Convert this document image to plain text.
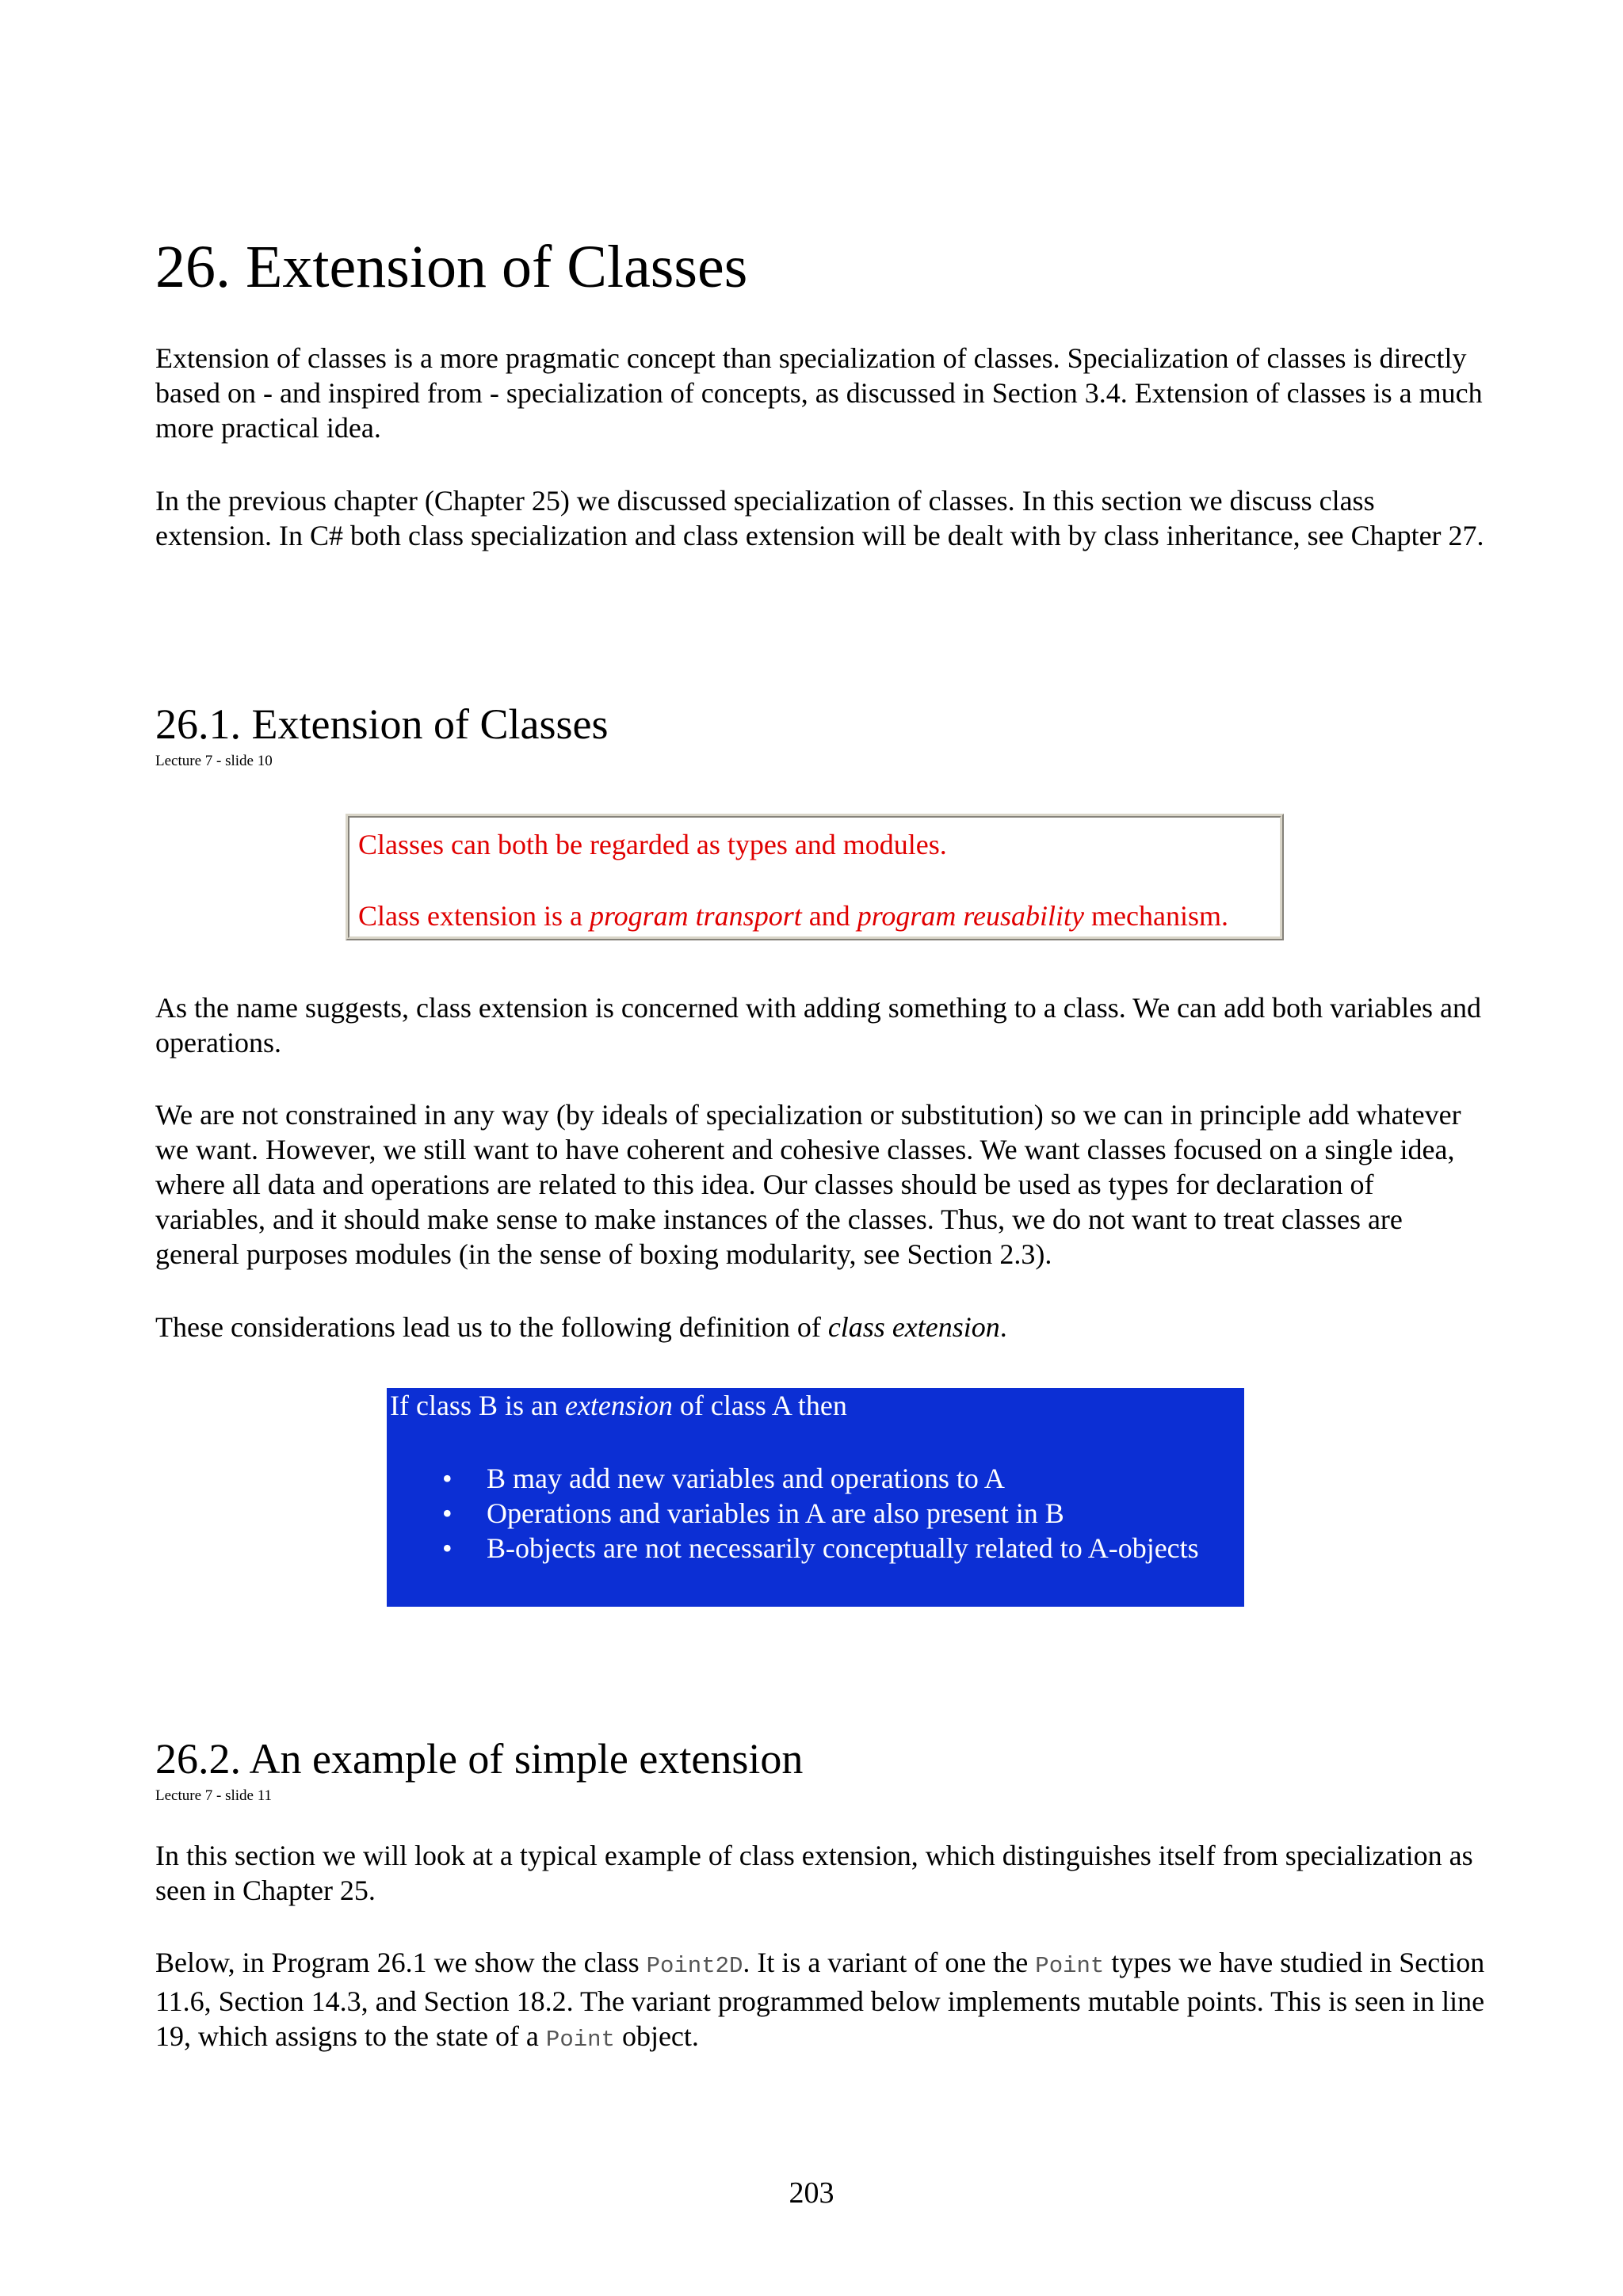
26. Extension of Classes

Extension of classes is a more pragmatic concept than specialization of classes. Specialization of classes is directly based on - and inspired from - specialization of concepts, as discussed in Section 3.4. Extension of classes is a much more practical idea.

In the previous chapter (Chapter 25) we discussed specialization of classes. In this section we discuss class extension. In C# both class specialization and class extension will be dealt with by class inheritance, see Chapter 27.

26.1. Extension of Classes

Lecture 7 - slide 10

Classes can both be regarded as types and modules.

Class extension is a program transport and program reusability mechanism.

As the name suggests, class extension is concerned with adding something to a class. We can add both variables and operations.

We are not constrained in any way (by ideals of specialization or substitution) so we can in principle add whatever we want. However, we still want to have coherent and cohesive classes. We want classes focused on a single idea, where all data and operations are related to this idea. Our classes should be used as types for declaration of variables, and it should make sense to make instances of the classes. Thus, we do not want to treat classes are general purposes modules (in the sense of boxing modularity, see Section 2.3).

These considerations lead us to the following definition of class extension.

If class B is an extension of class A then

• B may add new variables and operations to A
• Operations and variables in A are also present in B
• B-objects are not necessarily conceptually related to A-objects
26.2. An example of simple extension

Lecture 7 - slide 11

In this section we will look at a typical example of class extension, which distinguishes itself from specialization as seen in Chapter 25.

Below, in Program 26.1 we show the class Point2D. It is a variant of one the Point types we have studied in Section 11.6, Section 14.3, and Section 18.2. The variant programmed below implements mutable points. This is seen in line 19, which assigns to the state of a Point object.

203
